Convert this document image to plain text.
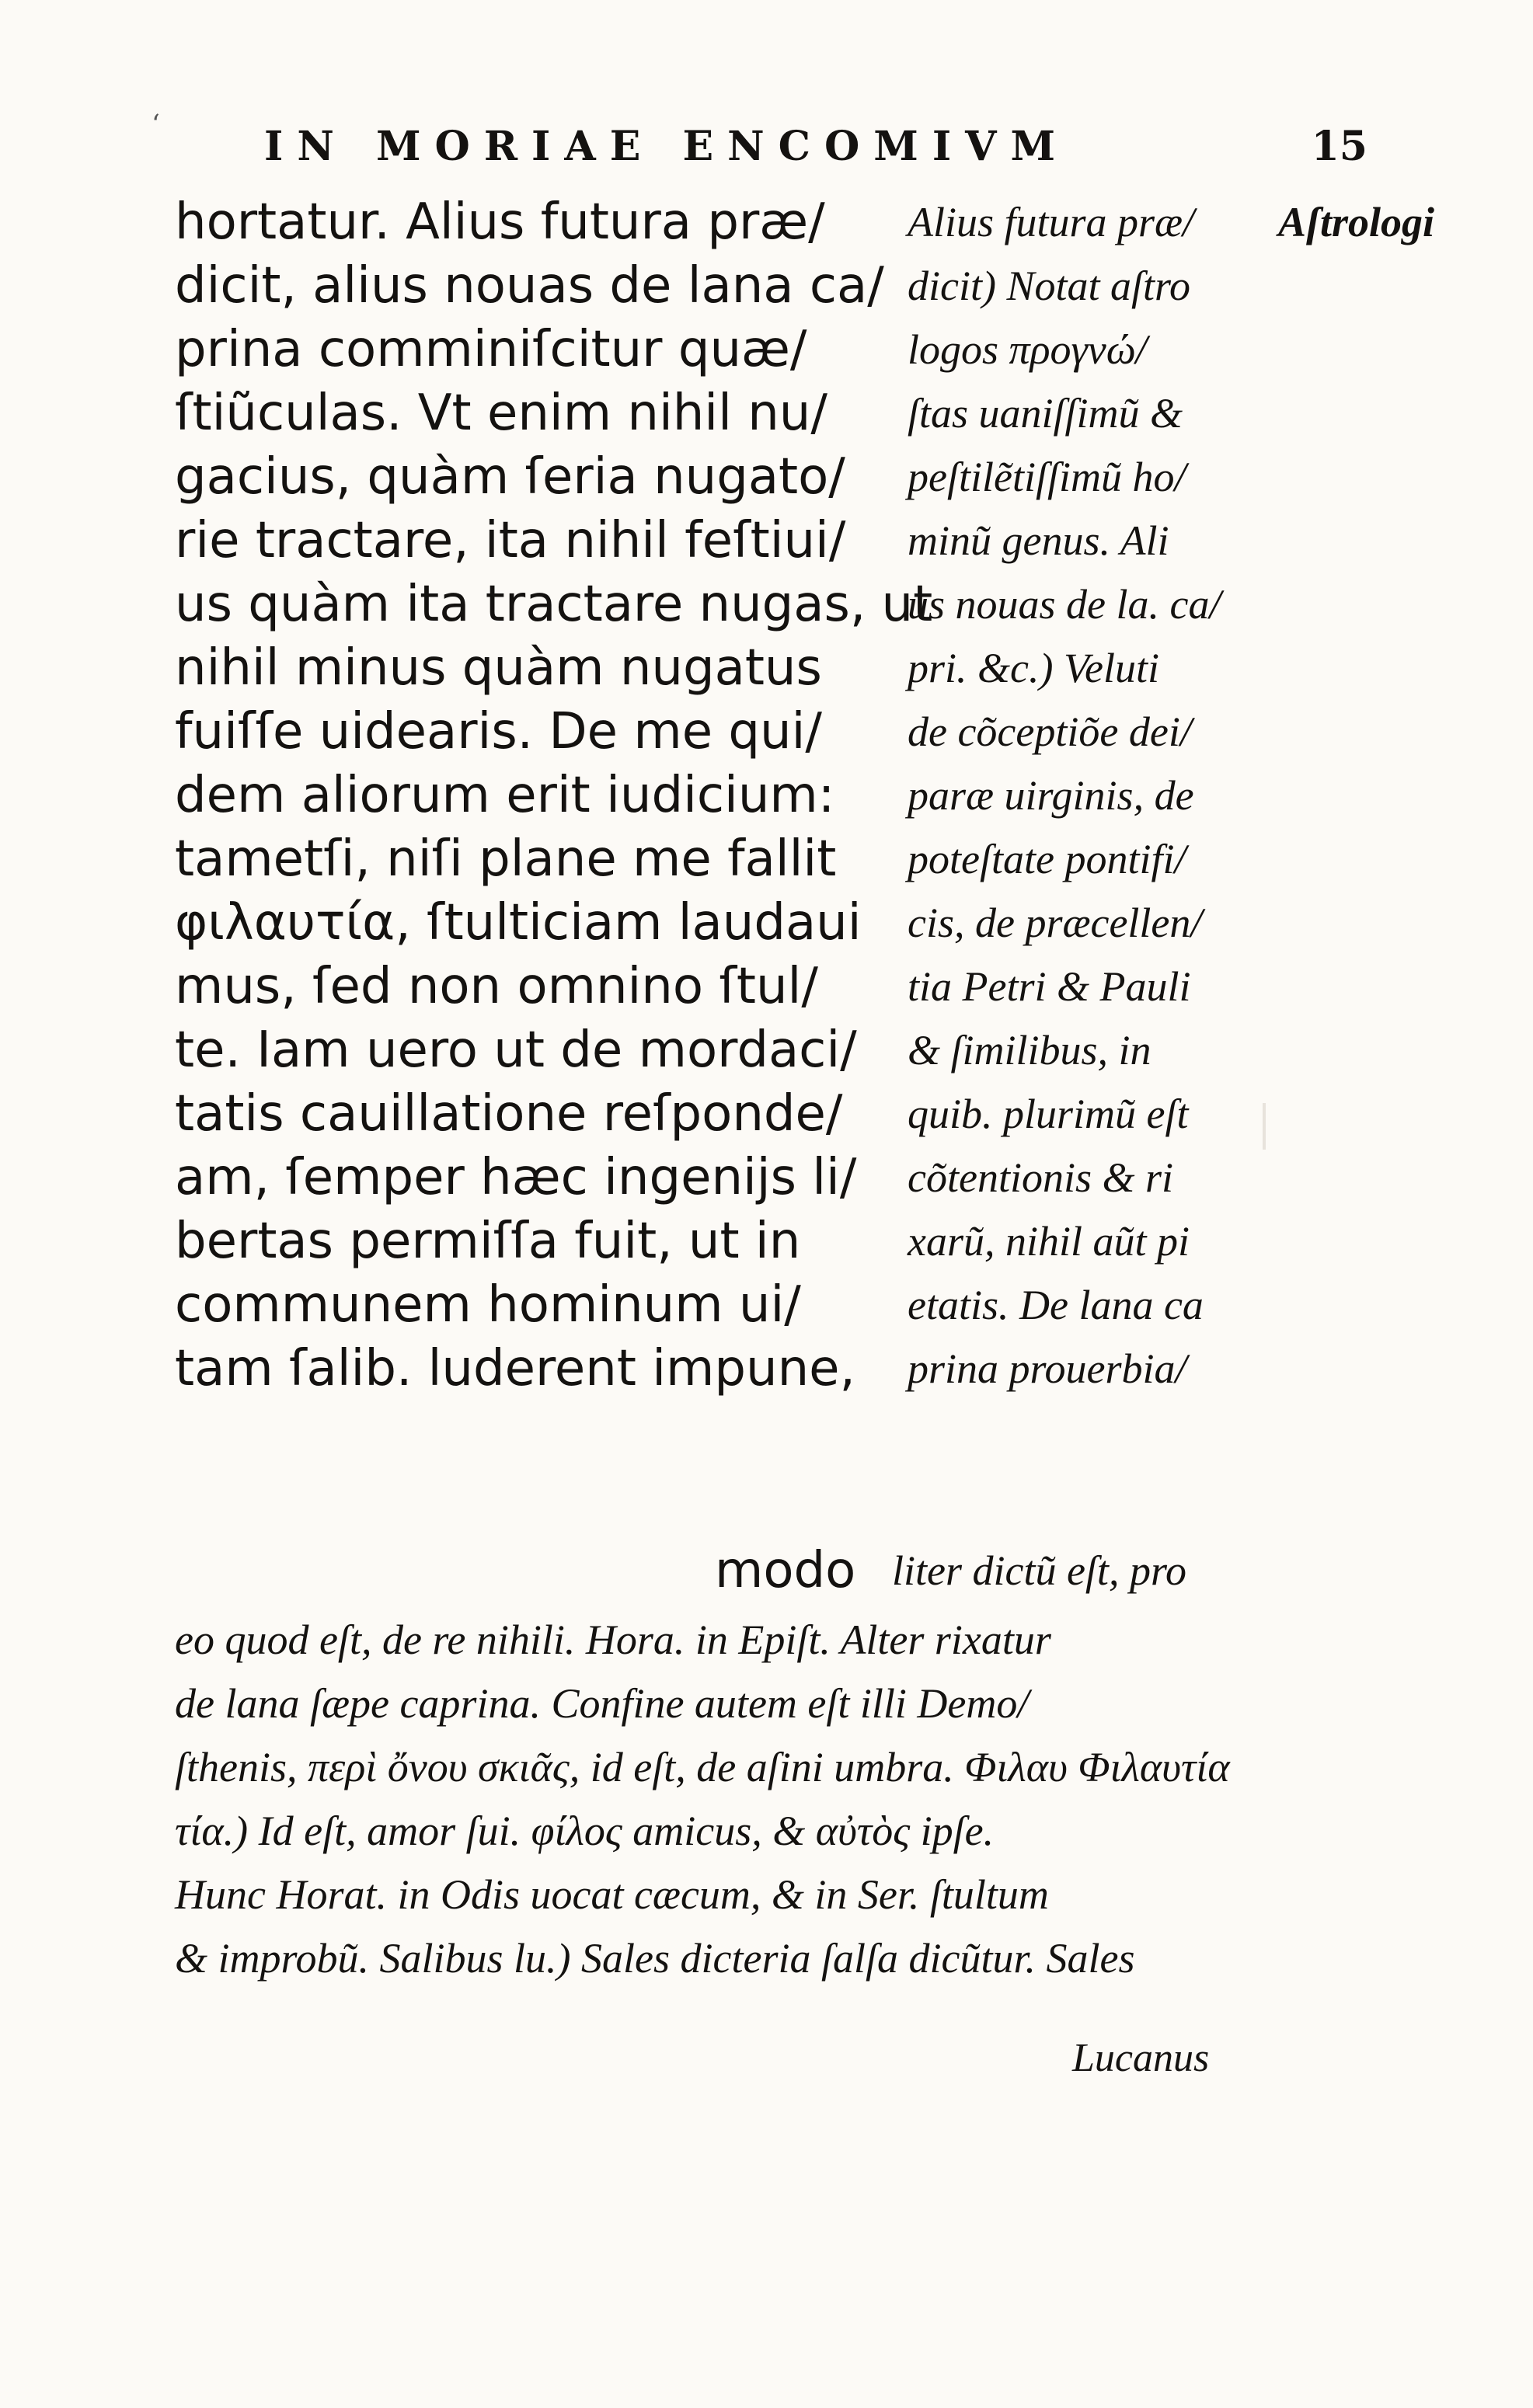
ʻ	IN MORIAE ENCOMIVM	15
Aſtrologi
hortatur. Alius futura præ/
dicit, alius nouas de lana ca/
prina comminiſcitur quæ/
ſtiũculas. Vt enim nihil nu/
gacius, quàm ſeria nugato/
rie tractare, ita nihil feſtiui/
us quàm ita tractare nugas, ut
nihil minus quàm nugatus
fuiſſe uidearis. De me qui/
dem aliorum erit iudicium:
tametſi, niſi plane me fallit
φιλαυτία, ſtulticiam laudaui
mus, ſed non omnino ſtul/
te. Iam uero ut de mordaci/
tatis cauillatione reſponde/
am, ſemper hæc ingenijs li/
bertas permiſſa fuit, ut in
communem hominum ui/
tam ſalib. luderent impune,
Alius futura præ/
dicit) Notat aſtro
logos προγνώ/
ſtas uaniſſimũ &
peſtilẽtiſſimũ ho/
minũ genus. Ali
us nouas de la. ca/
pri. &c.) Veluti
de cõceptiõe dei/
paræ uirginis, de
poteſtate pontifi/
cis, de præcellen/
tia Petri & Pauli
& ſimilibus, in
quib. plurimũ eſt
cõtentionis & ri
xarũ, nihil aũt pi
etatis. De lana ca
prina prouerbia/
modo liter dictũ eſt, pro
eo quod eſt, de re nihili. Hora. in Epiſt. Alter rixatur
de lana ſæpe caprina. Confine autem eſt illi Demo/
ſthenis, περὶ ὄνου σκιᾶς, id eſt, de aſini umbra. Φιλαυ Φιλαυτία
τία.) Id eſt, amor ſui. φίλος amicus, & αὐτὸς ipſe.
Hunc Horat. in Odis uocat cæcum, & in Ser. ſtultum
& improbũ. Salibus lu.) Sales dicteria ſalſa dicũtur. Sales
Lucanus
